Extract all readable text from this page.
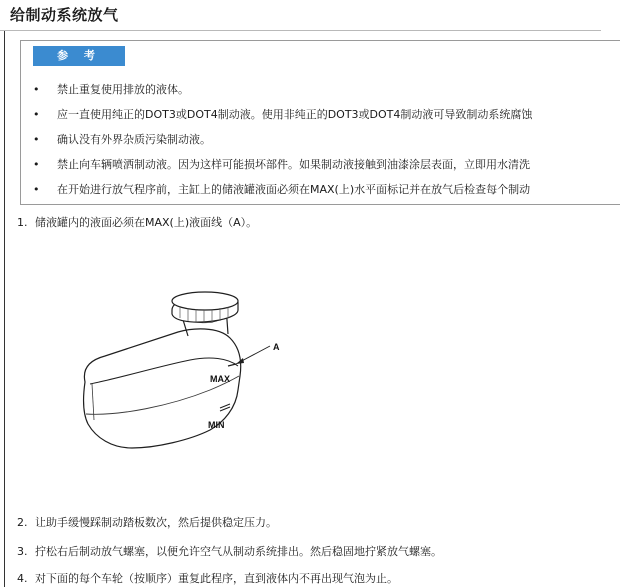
给制动系统放气
参 考
• 禁止重复使用排放的液体。
• 应一直使用纯正的DOT3或DOT4制动液。使用非纯正的DOT3或DOT4制动液可导致制动系统腐蚀
• 确认没有外界杂质污染制动液。
• 禁止向车辆喷洒制动液。因为这样可能损坏部件。如果制动液接触到油漆涂层表面，立即用水清洗
• 在开始进行放气程序前，主缸上的储液罐液面必须在MAX(上)水平面标记并在放气后检查每个制动
1. 储液罐内的液面必须在MAX(上)液面线（A）。
A
MAX
MIN
2. 让助手缓慢踩制动踏板数次，然后提供稳定压力。
3. 拧松右后制动放气螺塞，以便允许空气从制动系统排出。然后稳固地拧紧放气螺塞。
4. 对下面的每个车轮（按顺序）重复此程序，直到液体内不再出现气泡为止。
